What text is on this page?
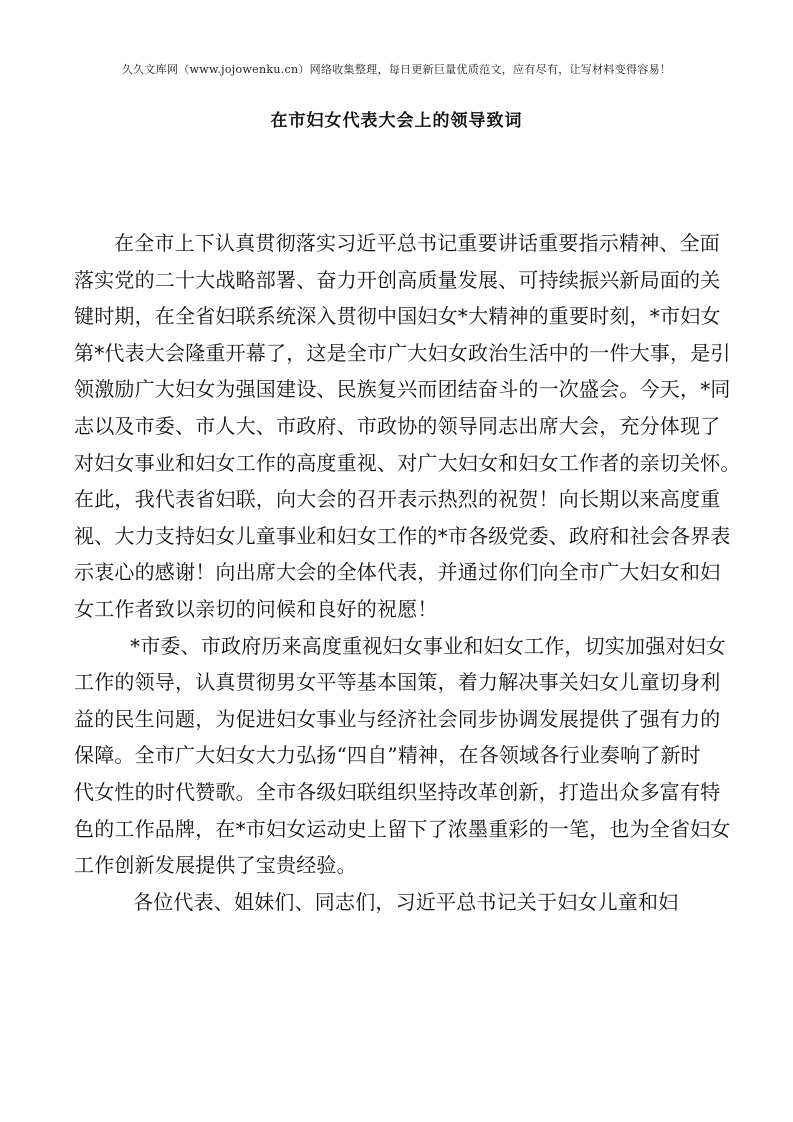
久久文库网（www.jojowenku.cn）网络收集整理，每日更新巨量优质范文，应有尽有，让写材料变得容易！
在市妇女代表大会上的领导致词
在全市上下认真贯彻落实习近平总书记重要讲话重要指示精神、全面
落实党的二十大战略部署、奋力开创高质量发展、可持续振兴新局面的关
键时期，在全省妇联系统深入贯彻中国妇女*大精神的重要时刻，*市妇女
第*代表大会隆重开幕了，这是全市广大妇女政治生活中的一件大事，是引
领激励广大妇女为强国建设、民族复兴而团结奋斗的一次盛会。今天，*同
志以及市委、市人大、市政府、市政协的领导同志出席大会，充分体现了
对妇女事业和妇女工作的高度重视、对广大妇女和妇女工作者的亲切关怀。
在此，我代表省妇联，向大会的召开表示热烈的祝贺！向长期以来高度重
视、大力支持妇女儿童事业和妇女工作的*市各级党委、政府和社会各界表
示衷心的感谢！向出席大会的全体代表，并通过你们向全市广大妇女和妇
女工作者致以亲切的问候和良好的祝愿！
*市委、市政府历来高度重视妇女事业和妇女工作，切实加强对妇女
工作的领导，认真贯彻男女平等基本国策，着力解决事关妇女儿童切身利
益的民生问题，为促进妇女事业与经济社会同步协调发展提供了强有力的
保障。全市广大妇女大力弘扬“四自”精神，在各领域各行业奏响了新时
代女性的时代赞歌。全市各级妇联组织坚持改革创新，打造出众多富有特
色的工作品牌，在*市妇女运动史上留下了浓墨重彩的一笔，也为全省妇女
工作创新发展提供了宝贵经验。
各位代表、姐妹们、同志们，习近平总书记关于妇女儿童和妇
